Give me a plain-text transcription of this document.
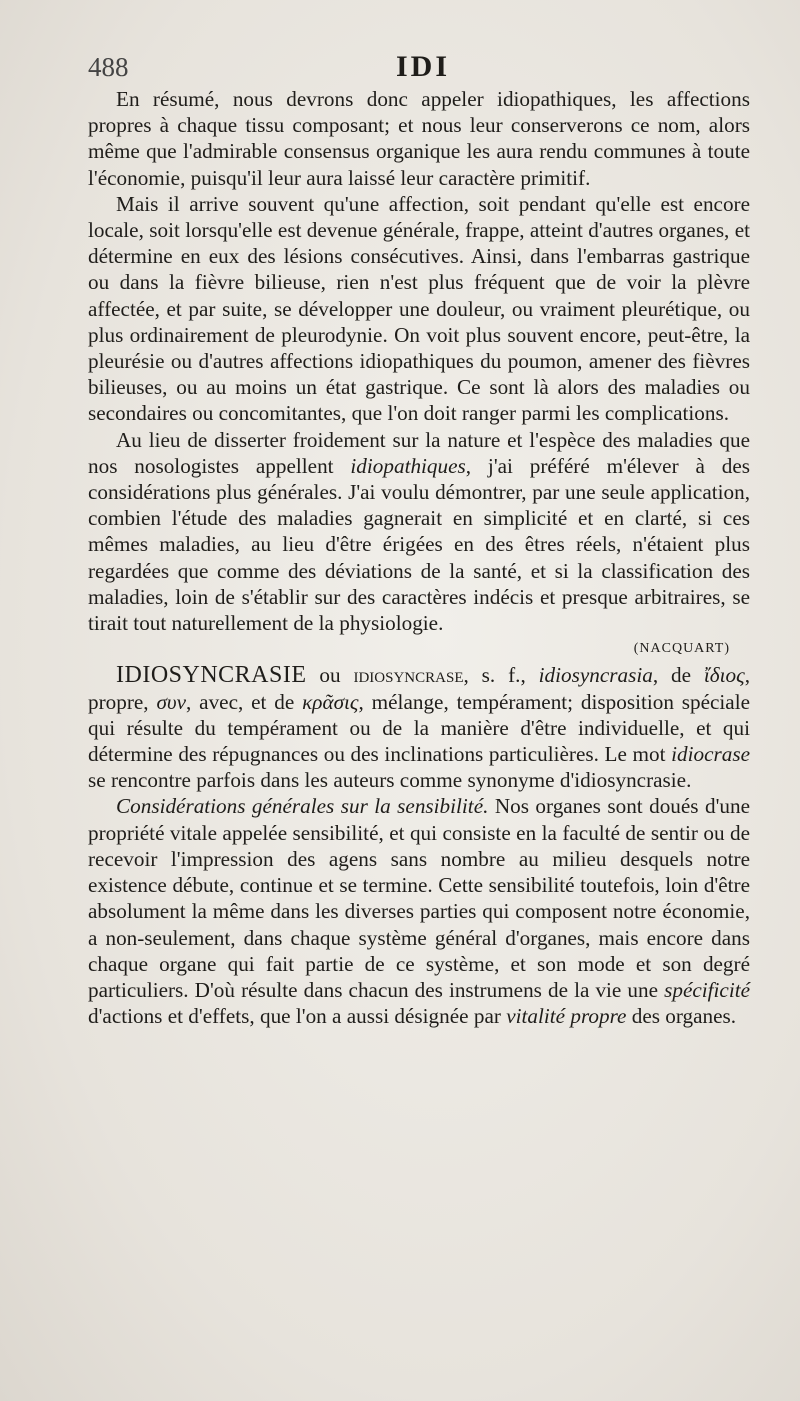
488	IDI

En résumé, nous devrons donc appeler idiopathiques, les affections propres à chaque tissu composant; et nous leur conserverons ce nom, alors même que l'admirable consensus organique les aura rendu communes à toute l'économie, puisqu'il leur aura laissé leur caractère primitif.

Mais il arrive souvent qu'une affection, soit pendant qu'elle est encore locale, soit lorsqu'elle est devenue générale, frappe, atteint d'autres organes, et détermine en eux des lésions consécutives. Ainsi, dans l'embarras gastrique ou dans la fièvre bilieuse, rien n'est plus fréquent que de voir la plèvre affectée, et par suite, se développer une douleur, ou vraiment pleurétique, ou plus ordinairement de pleurodynie. On voit plus souvent encore, peut-être, la pleurésie ou d'autres affections idiopathiques du poumon, amener des fièvres bilieuses, ou au moins un état gastrique. Ce sont là alors des maladies ou secondaires ou concomitantes, que l'on doit ranger parmi les complications.

Au lieu de disserter froidement sur la nature et l'espèce des maladies que nos nosologistes appellent idiopathiques, j'ai préféré m'élever à des considérations plus générales. J'ai voulu démontrer, par une seule application, combien l'étude des maladies gagnerait en simplicité et en clarté, si ces mêmes maladies, au lieu d'être érigées en des êtres réels, n'étaient plus regardées que comme des déviations de la santé, et si la classification des maladies, loin de s'établir sur des caractères indécis et presque arbitraires, se tirait tout naturellement de la physiologie.

(NACQUART)

IDIOSYNCRASIE ou idiosyncrase, s. f., idiosyncrasia, de ἴδιος, propre, συν, avec, et de κρᾶσις, mélange, tempérament; disposition spéciale qui résulte du tempérament ou de la manière d'être individuelle, et qui détermine des répugnances ou des inclinations particulières. Le mot idiocrase se rencontre parfois dans les auteurs comme synonyme d'idiosyncrasie.

Considérations générales sur la sensibilité. Nos organes sont doués d'une propriété vitale appelée sensibilité, et qui consiste en la faculté de sentir ou de recevoir l'impression des agens sans nombre au milieu desquels notre existence débute, continue et se termine. Cette sensibilité toutefois, loin d'être absolument la même dans les diverses parties qui composent notre économie, a non-seulement, dans chaque système général d'organes, mais encore dans chaque organe qui fait partie de ce système, et son mode et son degré particuliers. D'où résulte dans chacun des instrumens de la vie une spécificité d'actions et d'effets, que l'on a aussi désignée par vitalité propre des organes.
